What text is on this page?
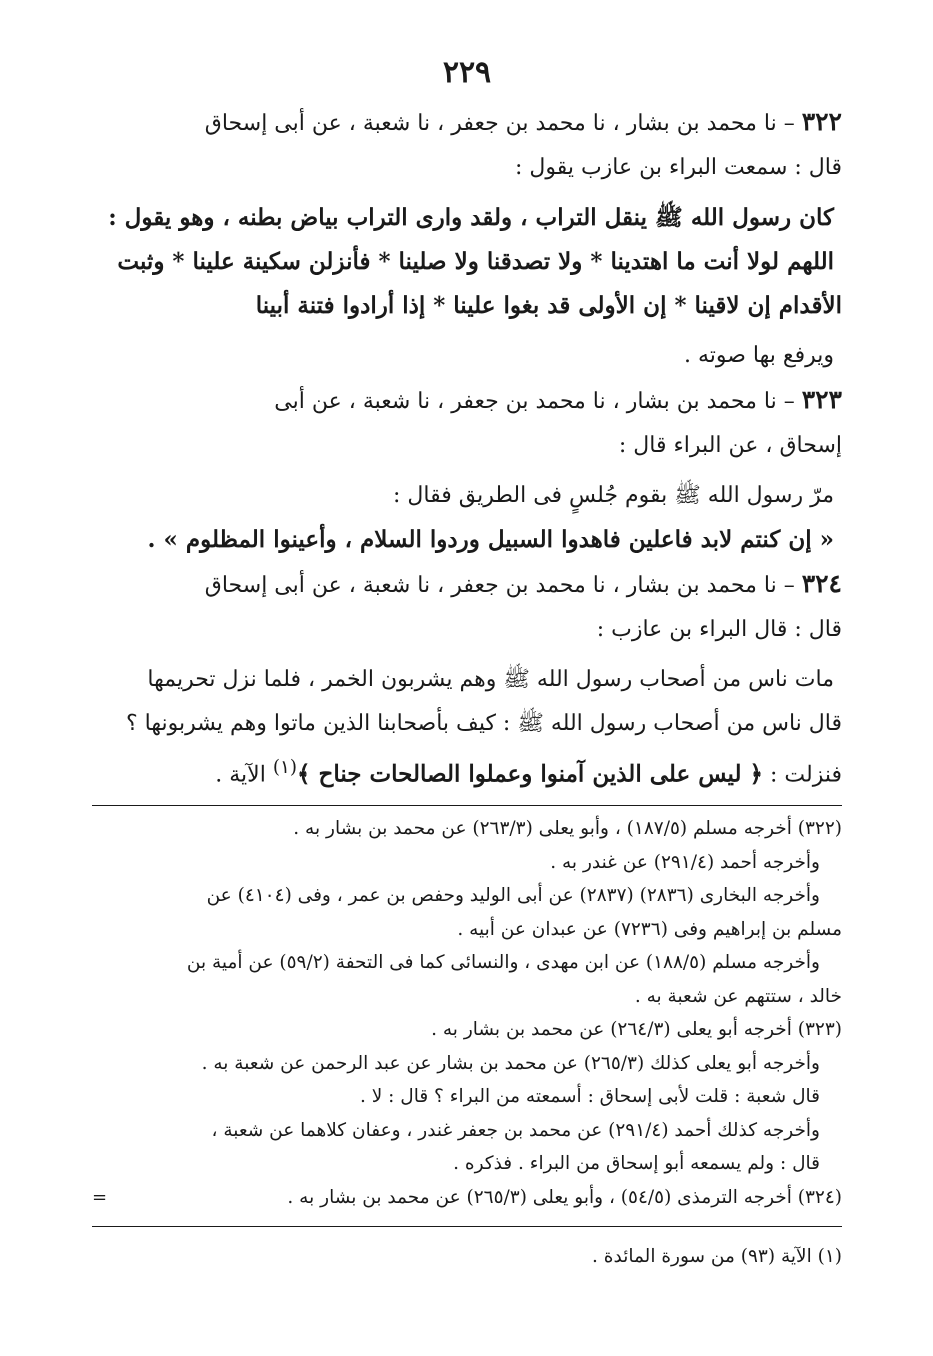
٢٢٩

٣٢٢ – نا محمد بن بشار ، نا محمد بن جعفر ، نا شعبة ، عن أبى إسحاق

قال : سمعت البراء بن عازب يقول :

كان رسول الله ﷺ ينقل التراب ، ولقد وارى التراب بياض بطنه ، وهو يقول :

اللهم لولا أنت ما اهتدينا * ولا تصدقنا ولا صلينا * فأنزلن سكينة علينا * وثبت

الأقدام إن لاقينا * إن الأولى قد بغوا علينا * إذا أرادوا فتنة أبينا

ويرفع بها صوته .

٣٢٣ – نا محمد بن بشار ، نا محمد بن جعفر ، نا شعبة ، عن أبى

إسحاق ، عن البراء قال :

مرّ رسول الله ﷺ بقوم جُلسٍ فى الطريق فقال :

« إن كنتم لابد فاعلين فاهدوا السبيل وردوا السلام ، وأعينوا المظلوم » .

٣٢٤ – نا محمد بن بشار ، نا محمد بن جعفر ، نا شعبة ، عن أبى إسحاق

قال : قال البراء بن عازب :

مات ناس من أصحاب رسول الله ﷺ وهم يشربون الخمر ، فلما نزل تحريمها

قال ناس من أصحاب رسول الله ﷺ : كيف بأصحابنا الذين ماتوا وهم يشربونها ؟

فنزلت : ﴿ ليس على الذين آمنوا وعملوا الصالحات جناح ﴾$^{(١)}$ الآية .

(٣٢٢) أخرجه مسلم (١٨٧/٥) ، وأبو يعلى (٢٦٣/٣) عن محمد بن بشار به .

وأخرجه أحمد (٢٩١/٤) عن غندر به .

وأخرجه البخارى (٢٨٣٦) (٢٨٣٧) عن أبى الوليد وحفص بن عمر ، وفى (٤١٠٤) عن

مسلم بن إبراهيم وفى (٧٢٣٦) عن عبدان عن أبيه .

وأخرجه مسلم (١٨٨/٥) عن ابن مهدى ، والنسائى كما فى التحفة (٥٩/٢) عن أمية بن

خالد ، ستتهم عن شعبة به .

(٣٢٣) أخرجه أبو يعلى (٢٦٤/٣) عن محمد بن بشار به .

وأخرجه أبو يعلى كذلك (٢٦٥/٣) عن محمد بن بشار عن عبد الرحمن عن شعبة به .

قال شعبة : قلت لأبى إسحاق : أسمعته من البراء ؟ قال : لا .

وأخرجه كذلك أحمد (٢٩١/٤) عن محمد بن جعفر غندر ، وعفان كلاهما عن شعبة ،

قال : ولم يسمعه أبو إسحاق من البراء . فذكره .

(٣٢٤) أخرجه الترمذى (٥٤/٥) ، وأبو يعلى (٢٦٥/٣) عن محمد بن بشار به .
=

(١) الآية (٩٣) من سورة المائدة .
